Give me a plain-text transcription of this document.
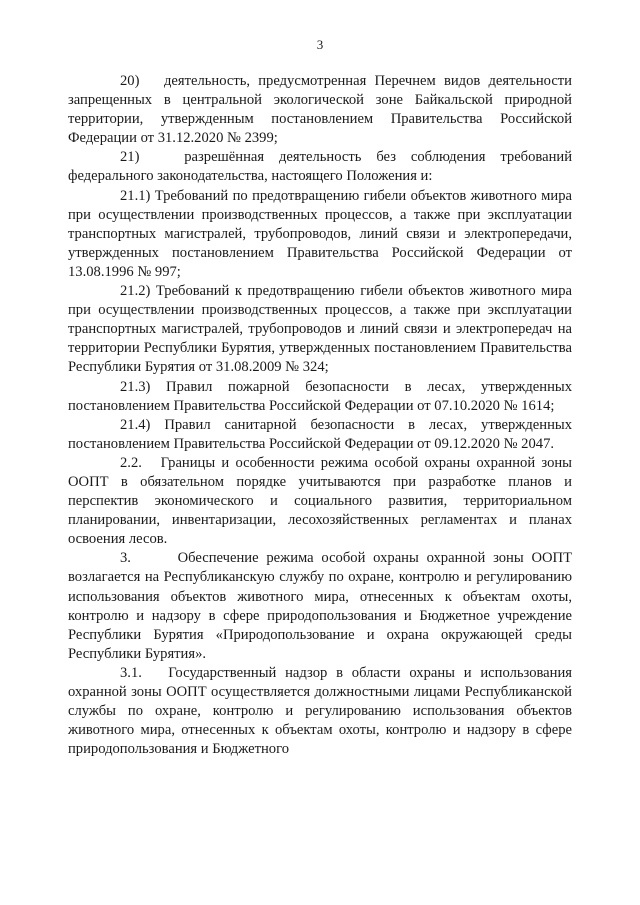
3

20)   деятельность, предусмотренная Перечнем видов деятельности запрещенных в центральной экологической зоне Байкальской природной территории, утвержденным постановлением Правительства Российской Федерации от 31.12.2020 № 2399;

21)   разрешённая деятельность без соблюдения требований федерального законодательства, настоящего Положения и:

21.1) Требований по предотвращению гибели объектов животного мира при осуществлении производственных процессов, а также при эксплуатации транспортных магистралей, трубопроводов, линий связи и электропередачи, утвержденных постановлением Правительства Российской Федерации от 13.08.1996 № 997;

21.2) Требований к предотвращению гибели объектов животного мира при осуществлении производственных процессов, а также при эксплуатации транспортных магистралей, трубопроводов и линий связи и электропередач на территории Республики Бурятия, утвержденных постановлением Правительства Республики Бурятия от 31.08.2009 № 324;

21.3) Правил пожарной безопасности в лесах, утвержденных постановлением Правительства Российской Федерации от 07.10.2020 № 1614;

21.4) Правил санитарной безопасности в лесах, утвержденных постановлением Правительства Российской Федерации от 09.12.2020 № 2047.

2.2.   Границы и особенности режима особой охраны охранной зоны ООПТ в обязательном порядке учитываются при разработке планов и перспектив экономического и социального развития, территориальном планировании, инвентаризации, лесохозяйственных регламентах и планах освоения лесов.

3.      Обеспечение режима особой охраны охранной зоны ООПТ возлагается на Республиканскую службу по охране, контролю и регулированию использования объектов животного мира, отнесенных к объектам охоты, контролю и надзору в сфере природопользования и Бюджетное учреждение Республики Бурятия «Природопользование и охрана окружающей среды Республики Бурятия».

3.1.   Государственный надзор в области охраны и использования охранной зоны ООПТ осуществляется должностными лицами Республиканской службы по охране, контролю и регулированию использования объектов животного мира, отнесенных к объектам охоты, контролю и надзору в сфере природопользования и Бюджетного
